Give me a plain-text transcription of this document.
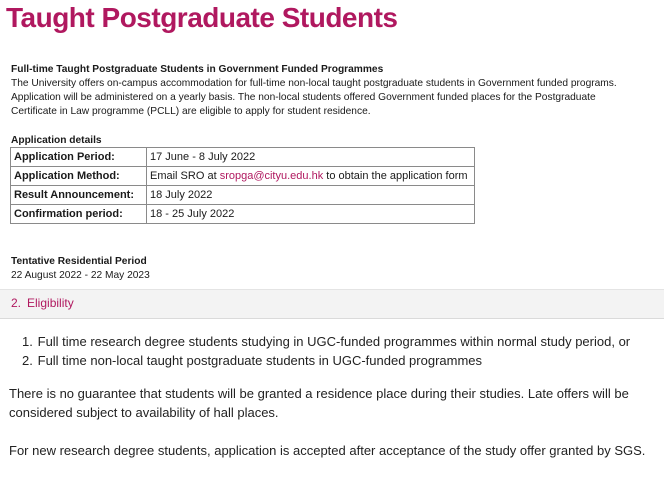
Taught Postgraduate Students
Full-time Taught Postgraduate Students in Government Funded Programmes
The University offers on-campus accommodation for full-time non-local taught postgraduate students in Government funded programs.
Application will be administered on a yearly basis. The non-local students offered Government funded places for the Postgraduate
Certificate in Law programme (PCLL) are eligible to apply for student residence.
Application details
Application Period:	17 June - 8 July 2022
Application Method:	Email SRO at sropga@cityu.edu.hk to obtain the application form
Result Announcement:	18 July 2022
Confirmation period:	18 - 25 July 2022
Tentative Residential Period
22 August 2022 - 22 May 2023
2. Eligibility
1. Full time research degree students studying in UGC-funded programmes within normal study period, or
2. Full time non-local taught postgraduate students in UGC-funded programmes

There is no guarantee that students will be granted a residence place during their studies. Late offers will be considered subject to availability of hall places.

For new research degree students, application is accepted after acceptance of the study offer granted by SGS.
